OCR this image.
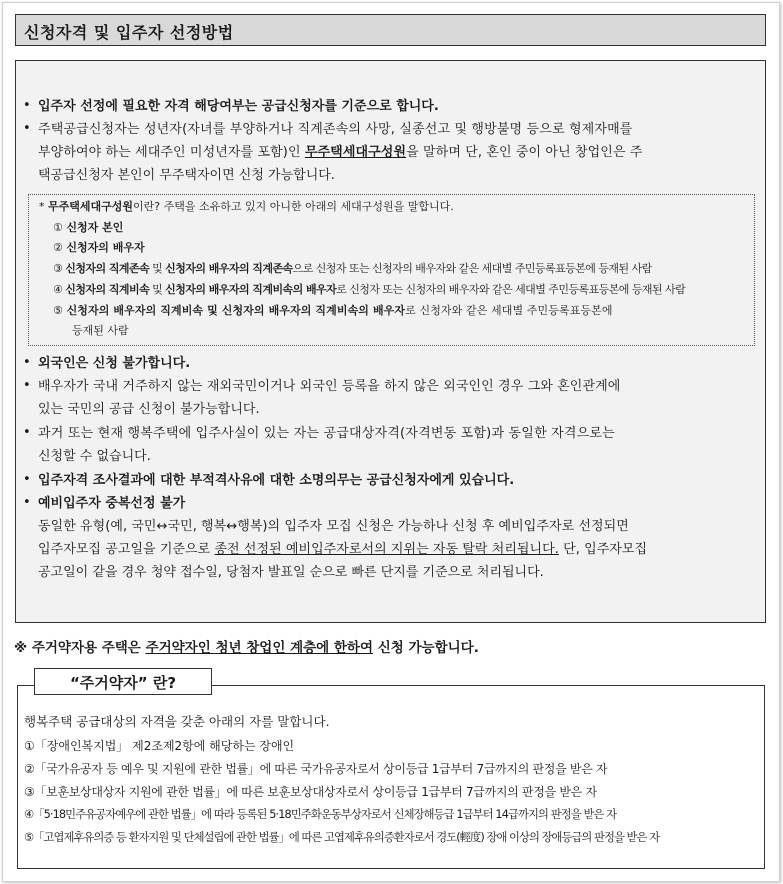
신청자격 및 입주자 선정방법
• 입주자 선정에 필요한 자격 해당여부는 공급신청자를 기준으로 합니다.
• 주택공급신청자는 성년자(자녀를 부양하거나 직계존속의 사망, 실종선고 및 행방불명 등으로 형제자매를
부양하여야 하는 세대주인 미성년자를 포함)인 무주택세대구성원을 말하며 단, 혼인 중이 아닌 창업인은 주
택공급신청자 본인이 무주택자이면 신청 가능합니다.
* 무주택세대구성원이란? 주택을 소유하고 있지 아니한 아래의 세대구성원을 말합니다.
① 신청자 본인
② 신청자의 배우자
③ 신청자의 직계존속 및 신청자의 배우자의 직계존속으로 신청자 또는 신청자의 배우자와 같은 세대별 주민등록표등본에 등재된 사람
④ 신청자의 직계비속 및 신청자의 배우자의 직계비속의 배우자로 신청자 또는 신청자의 배우자와 같은 세대별 주민등록표등본에 등재된 사람
⑤ 신청자의 배우자의 직계비속 및 신청자의 배우자의 직계비속의 배우자로 신청자와 같은 세대별 주민등록표등본에
등재된 사람
• 외국인은 신청 불가합니다.
• 배우자가 국내 거주하지 않는 재외국민이거나 외국인 등록을 하지 않은 외국인인 경우 그와 혼인관계에
있는 국민의 공급 신청이 불가능합니다.
• 과거 또는 현재 행복주택에 입주사실이 있는 자는 공급대상자격(자격변동 포함)과 동일한 자격으로는
신청할 수 없습니다.
• 입주자격 조사결과에 대한 부적격사유에 대한 소명의무는 공급신청자에게 있습니다.
• 예비입주자 중복선정 불가
동일한 유형(예, 국민↔국민, 행복↔행복)의 입주자 모집 신청은 가능하나 신청 후 예비입주자로 선정되면
입주자모집 공고일을 기준으로 종전 선정된 예비입주자로서의 지위는 자동 탈락 처리됩니다. 단, 입주자모집
공고일이 같을 경우 청약 접수일, 당첨자 발표일 순으로 빠른 단지를 기준으로 처리됩니다.
※ 주거약자용 주택은 주거약자인 청년 창업인 계층에 한하여 신청 가능합니다.
행복주택 공급대상의 자격을 갖춘 아래의 자를 말합니다.
①「장애인복지법」 제2조제2항에 해당하는 장애인
②「국가유공자 등 예우 및 지원에 관한 법률」에 따른 국가유공자로서 상이등급 1급부터 7급까지의 판정을 받은 자
③「보훈보상대상자 지원에 관한 법률」에 따른 보훈보상대상자로서 상이등급 1급부터 7급까지의 판정을 받은 자
④「5·18민주유공자예우에 관한 법률」에 따라 등록된 5·18민주화운동부상자로서 신체장해등급 1급부터 14급까지의 판정을 받은 자
⑤「고엽제후유의증 등 환자지원 및 단체설립에 관한 법률」에 따른 고엽제후유의증환자로서 경도(輕度) 장애 이상의 장애등급의 판정을 받은 자
“주거약자” 란?
